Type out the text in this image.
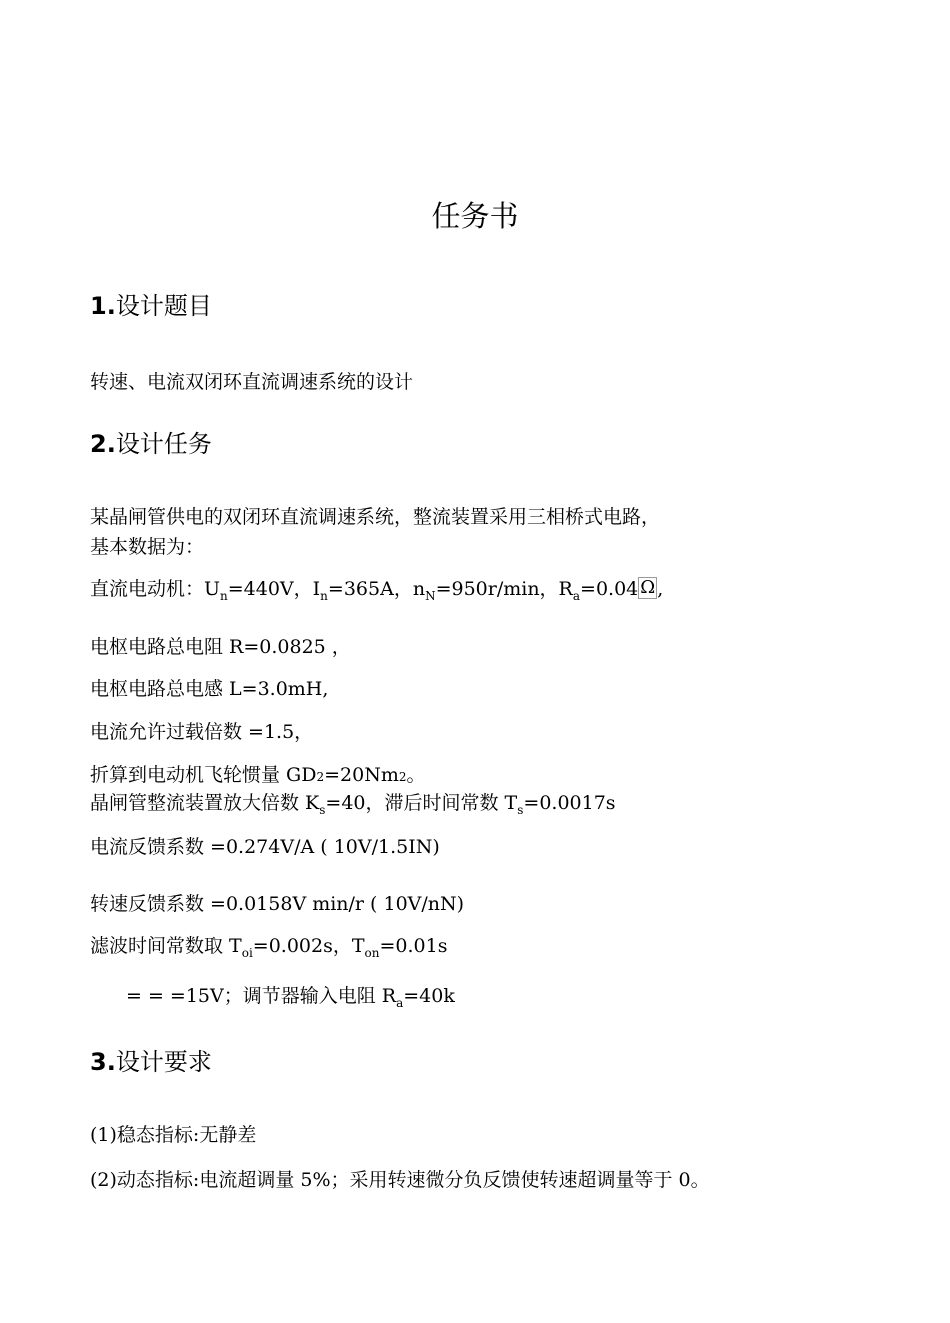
任务书
1.设计题目

转速、电流双闭环直流调速系统的设计

2.设计任务

某晶闸管供电的双闭环直流调速系统，整流装置采用三相桥式电路，

基本数据为：

直流电动机：$U_n=440V$，$I_n=365A$，$n_N=950r/\min$，$R_a=0.04$ Ω ,

电枢电路总电阻 R=0.0825 ，

电枢电路总电感 L=3.0mH,

电流允许过载倍数 =1.5，

折算到电动机飞轮惯量 GD2=20Nm2。

晶闸管整流装置放大倍数 $K_s=40$，滞后时间常数 $T_s=0.0017s$

电流反馈系数 =0.274V/A ( 10V/1.5IN)

转速反馈系数 =0.0158V min/r ( 10V/nN)

滤波时间常数取 $T_{oi}=0.002s$，$T_{on}=0.01s$

= = =15V；调节器输入电阻 $R_a=40k$

3.设计要求

(1)稳态指标:无静差

(2)动态指标:电流超调量 5%；采用转速微分负反馈使转速超调量等于 0。
